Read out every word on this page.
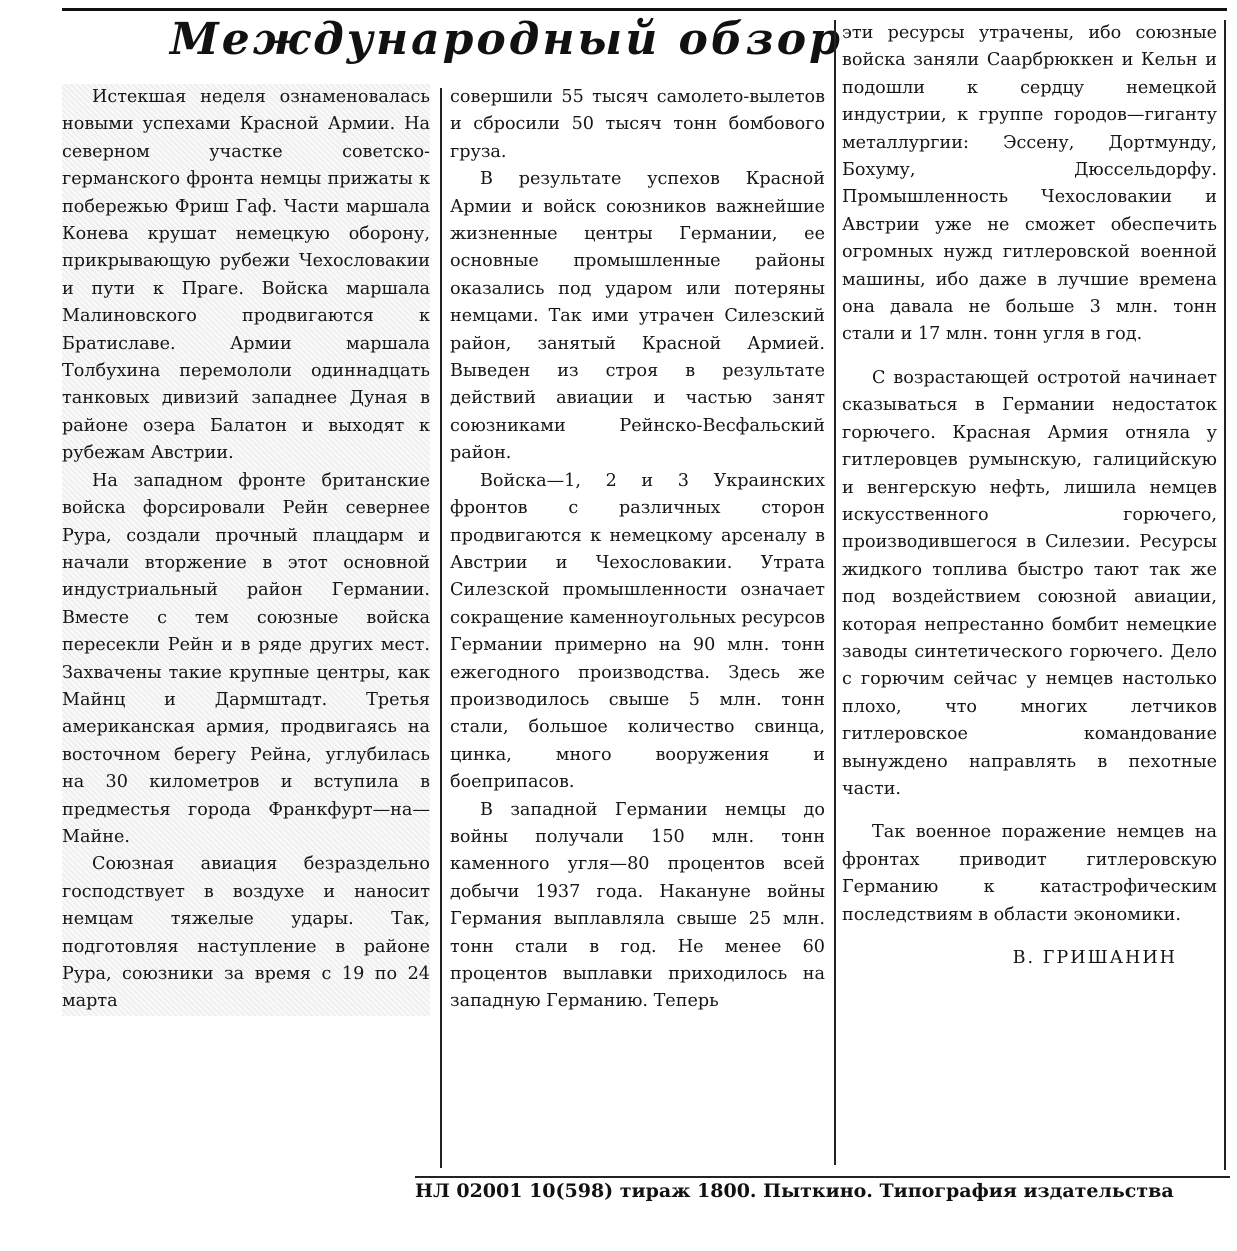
Международный обзор

Истекшая неделя ознаменовалась новыми успехами Красной Армии. На северном участке советско-германского фронта немцы прижаты к побережью Фриш Гаф. Части маршала Конева крушат немецкую оборону, прикрывающую рубежи Чехословакии и пути к Праге. Войска маршала Малиновского продвигаются к Братиславе. Армии маршала Толбухина перемололи одиннадцать танковых дивизий западнее Дуная в районе озера Балатон и выходят к рубежам Австрии.

На западном фронте британские войска форсировали Рейн севернее Рура, создали прочный плацдарм и начали вторжение в этот основной индустриальный район Германии. Вместе с тем союзные войска пересекли Рейн и в ряде других мест. Захвачены такие крупные центры, как Майнц и Дармштадт. Третья американская армия, продвигаясь на восточном берегу Рейна, углубилась на 30 километров и вступила в предместья города Франкфурт—на—Майне.

Союзная авиация безраздельно господствует в воздухе и наносит немцам тяжелые удары. Так, подготовляя наступление в районе Рура, союзники за время с 19 по 24 марта

совершили 55 тысяч самолето-вылетов и сбросили 50 тысяч тонн бомбового груза.

В результате успехов Красной Армии и войск союзников важнейшие жизненные центры Германии, ее основные промышленные районы оказались под ударом или потеряны немцами. Так ими утрачен Силезский район, занятый Красной Армией. Выведен из строя в результате действий авиации и частью занят союзниками Рейнско-Весфальский район.

Войска—1, 2 и 3 Украинских фронтов с различных сторон продвигаются к немецкому арсеналу в Австрии и Чехословакии. Утрата Силезской промышленности означает сокращение каменноугольных ресурсов Германии примерно на 90 млн. тонн ежегодного производства. Здесь же производилось свыше 5 млн. тонн стали, большое количество свинца, цинка, много вооружения и боеприпасов.

В западной Германии немцы до войны получали 150 млн. тонн каменного угля—80 процентов всей добычи 1937 года. Накануне войны Германия выплавляла свыше 25 млн. тонн стали в год. Не менее 60 процентов выплавки приходилось на западную Германию. Теперь

эти ресурсы утрачены, ибо союзные войска заняли Саарбрюккен и Кельн и подошли к сердцу немецкой индустрии, к группе городов—гиганту металлургии: Эссену, Дортмунду, Бохуму, Дюссельдорфу. Промышленность Чехословакии и Австрии уже не сможет обеспечить огромных нужд гитлеровской военной машины, ибо даже в лучшие времена она давала не больше 3 млн. тонн стали и 17 млн. тонн угля в год.

С возрастающей остротой начинает сказываться в Германии недостаток горючего. Красная Армия отняла у гитлеровцев румынскую, галицийскую и венгерскую нефть, лишила немцев искусственного горючего, производившегося в Силезии. Ресурсы жидкого топлива быстро тают так же под воздействием союзной авиации, которая непрестанно бомбит немецкие заводы синтетического горючего. Дело с горючим сейчас у немцев настолько плохо, что многих летчиков гитлеровское командование вынуждено направлять в пехотные части.

Так военное поражение немцев на фронтах приводит гитлеровскую Германию к катастрофическим последствиям в области экономики.

В. ГРИШАНИН

НЛ 02001 10(598) тираж 1800. Пыткино. Типография издательства
